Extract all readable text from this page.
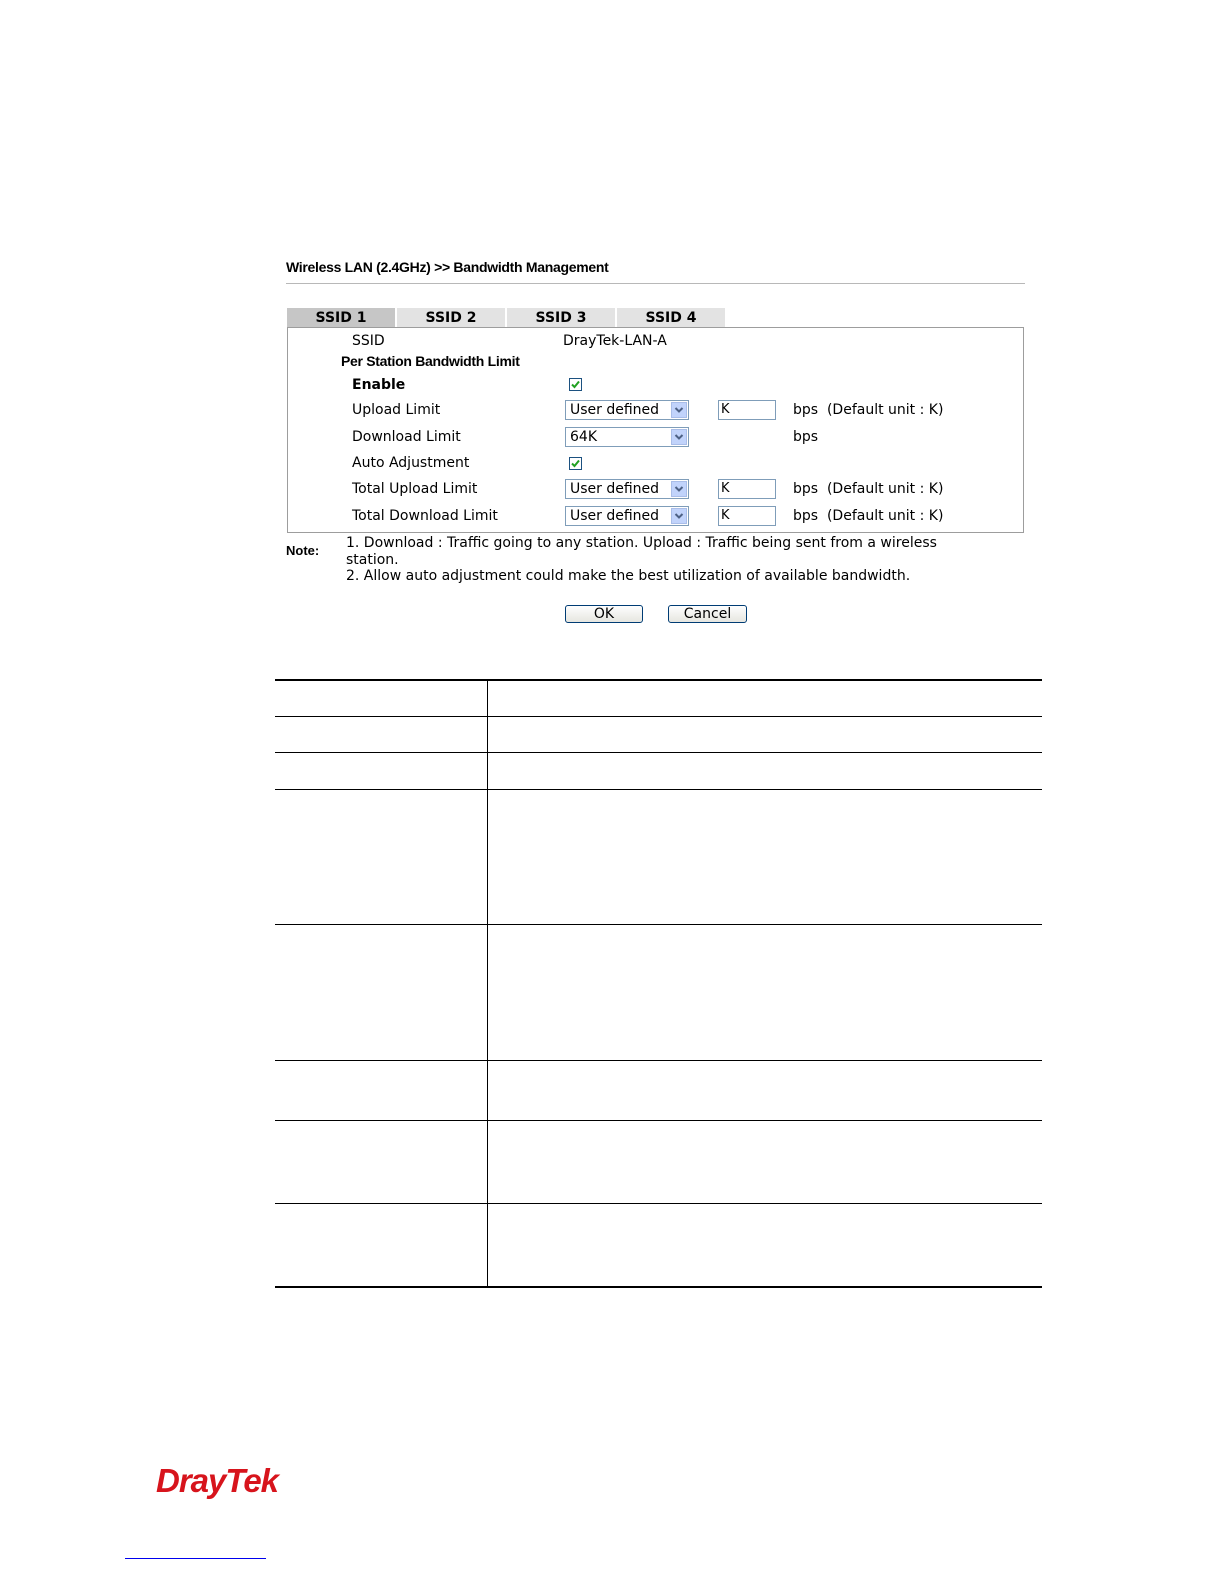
Wireless LAN (2.4GHz) >> Bandwidth Management
SSID 1	SSID 2	SSID 3	SSID 4
SSID	DrayTek-LAN-A
Per Station Bandwidth Limit
Enable
Upload Limit	User defined	K	bps  (Default unit : K)
Download Limit	64K	bps
Auto Adjustment
Total Upload Limit	User defined	K	bps  (Default unit : K)
Total Download Limit	User defined	K	bps  (Default unit : K)
Note: 1. Download : Traffic going to any station. Upload : Traffic being sent from a wireless
station.
2. Allow auto adjustment could make the best utilization of available bandwidth.
OK	Cancel
DrayTek
